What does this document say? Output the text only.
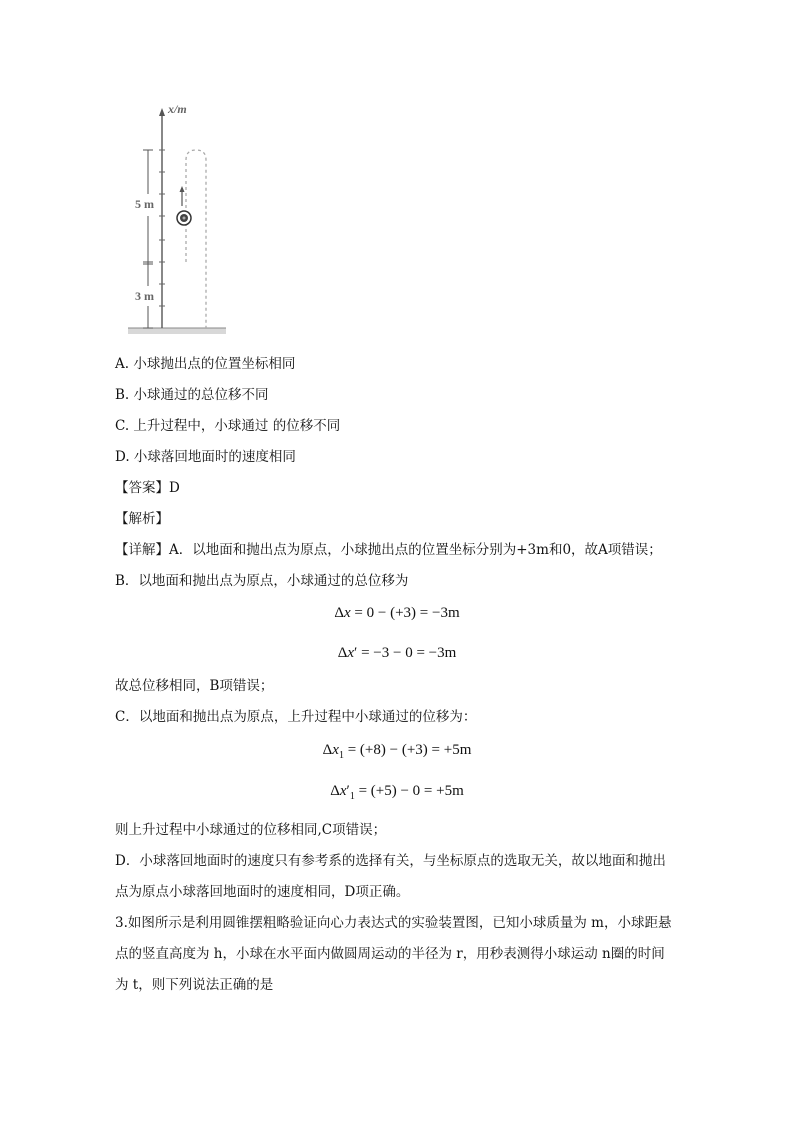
x/m
5 m
3 m
A. 小球抛出点的位置坐标相同
B. 小球通过的总位移不同
C. 上升过程中，小球通过 的位移不同
D. 小球落回地面时的速度相同
【答案】D
【解析】
【详解】A．以地面和抛出点为原点，小球抛出点的位置坐标分别为+3m和0，故A项错误；
B．以地面和抛出点为原点，小球通过的总位移为
Δx = 0 − (+3) = −3m
Δx′ = −3 − 0 = −3m
故总位移相同，B项错误；
C．以地面和抛出点为原点，上升过程中小球通过的位移为：
$\Delta x_1 = (+8) - (+3) = +5m$
$\Delta x'_1 = (+5) - 0 = +5m$
则上升过程中小球通过的位移相同,C项错误；
D．小球落回地面时的速度只有参考系的选择有关，与坐标原点的选取无关，故以地面和抛出
点为原点小球落回地面时的速度相同，D项正确。
3.如图所示是利用圆锥摆粗略验证向心力表达式的实验装置图，已知小球质量为 m，小球距悬
点的竖直高度为 h，小球在水平面内做圆周运动的半径为 r，用秒表测得小球运动 n圈的时间
为 t，则下列说法正确的是
